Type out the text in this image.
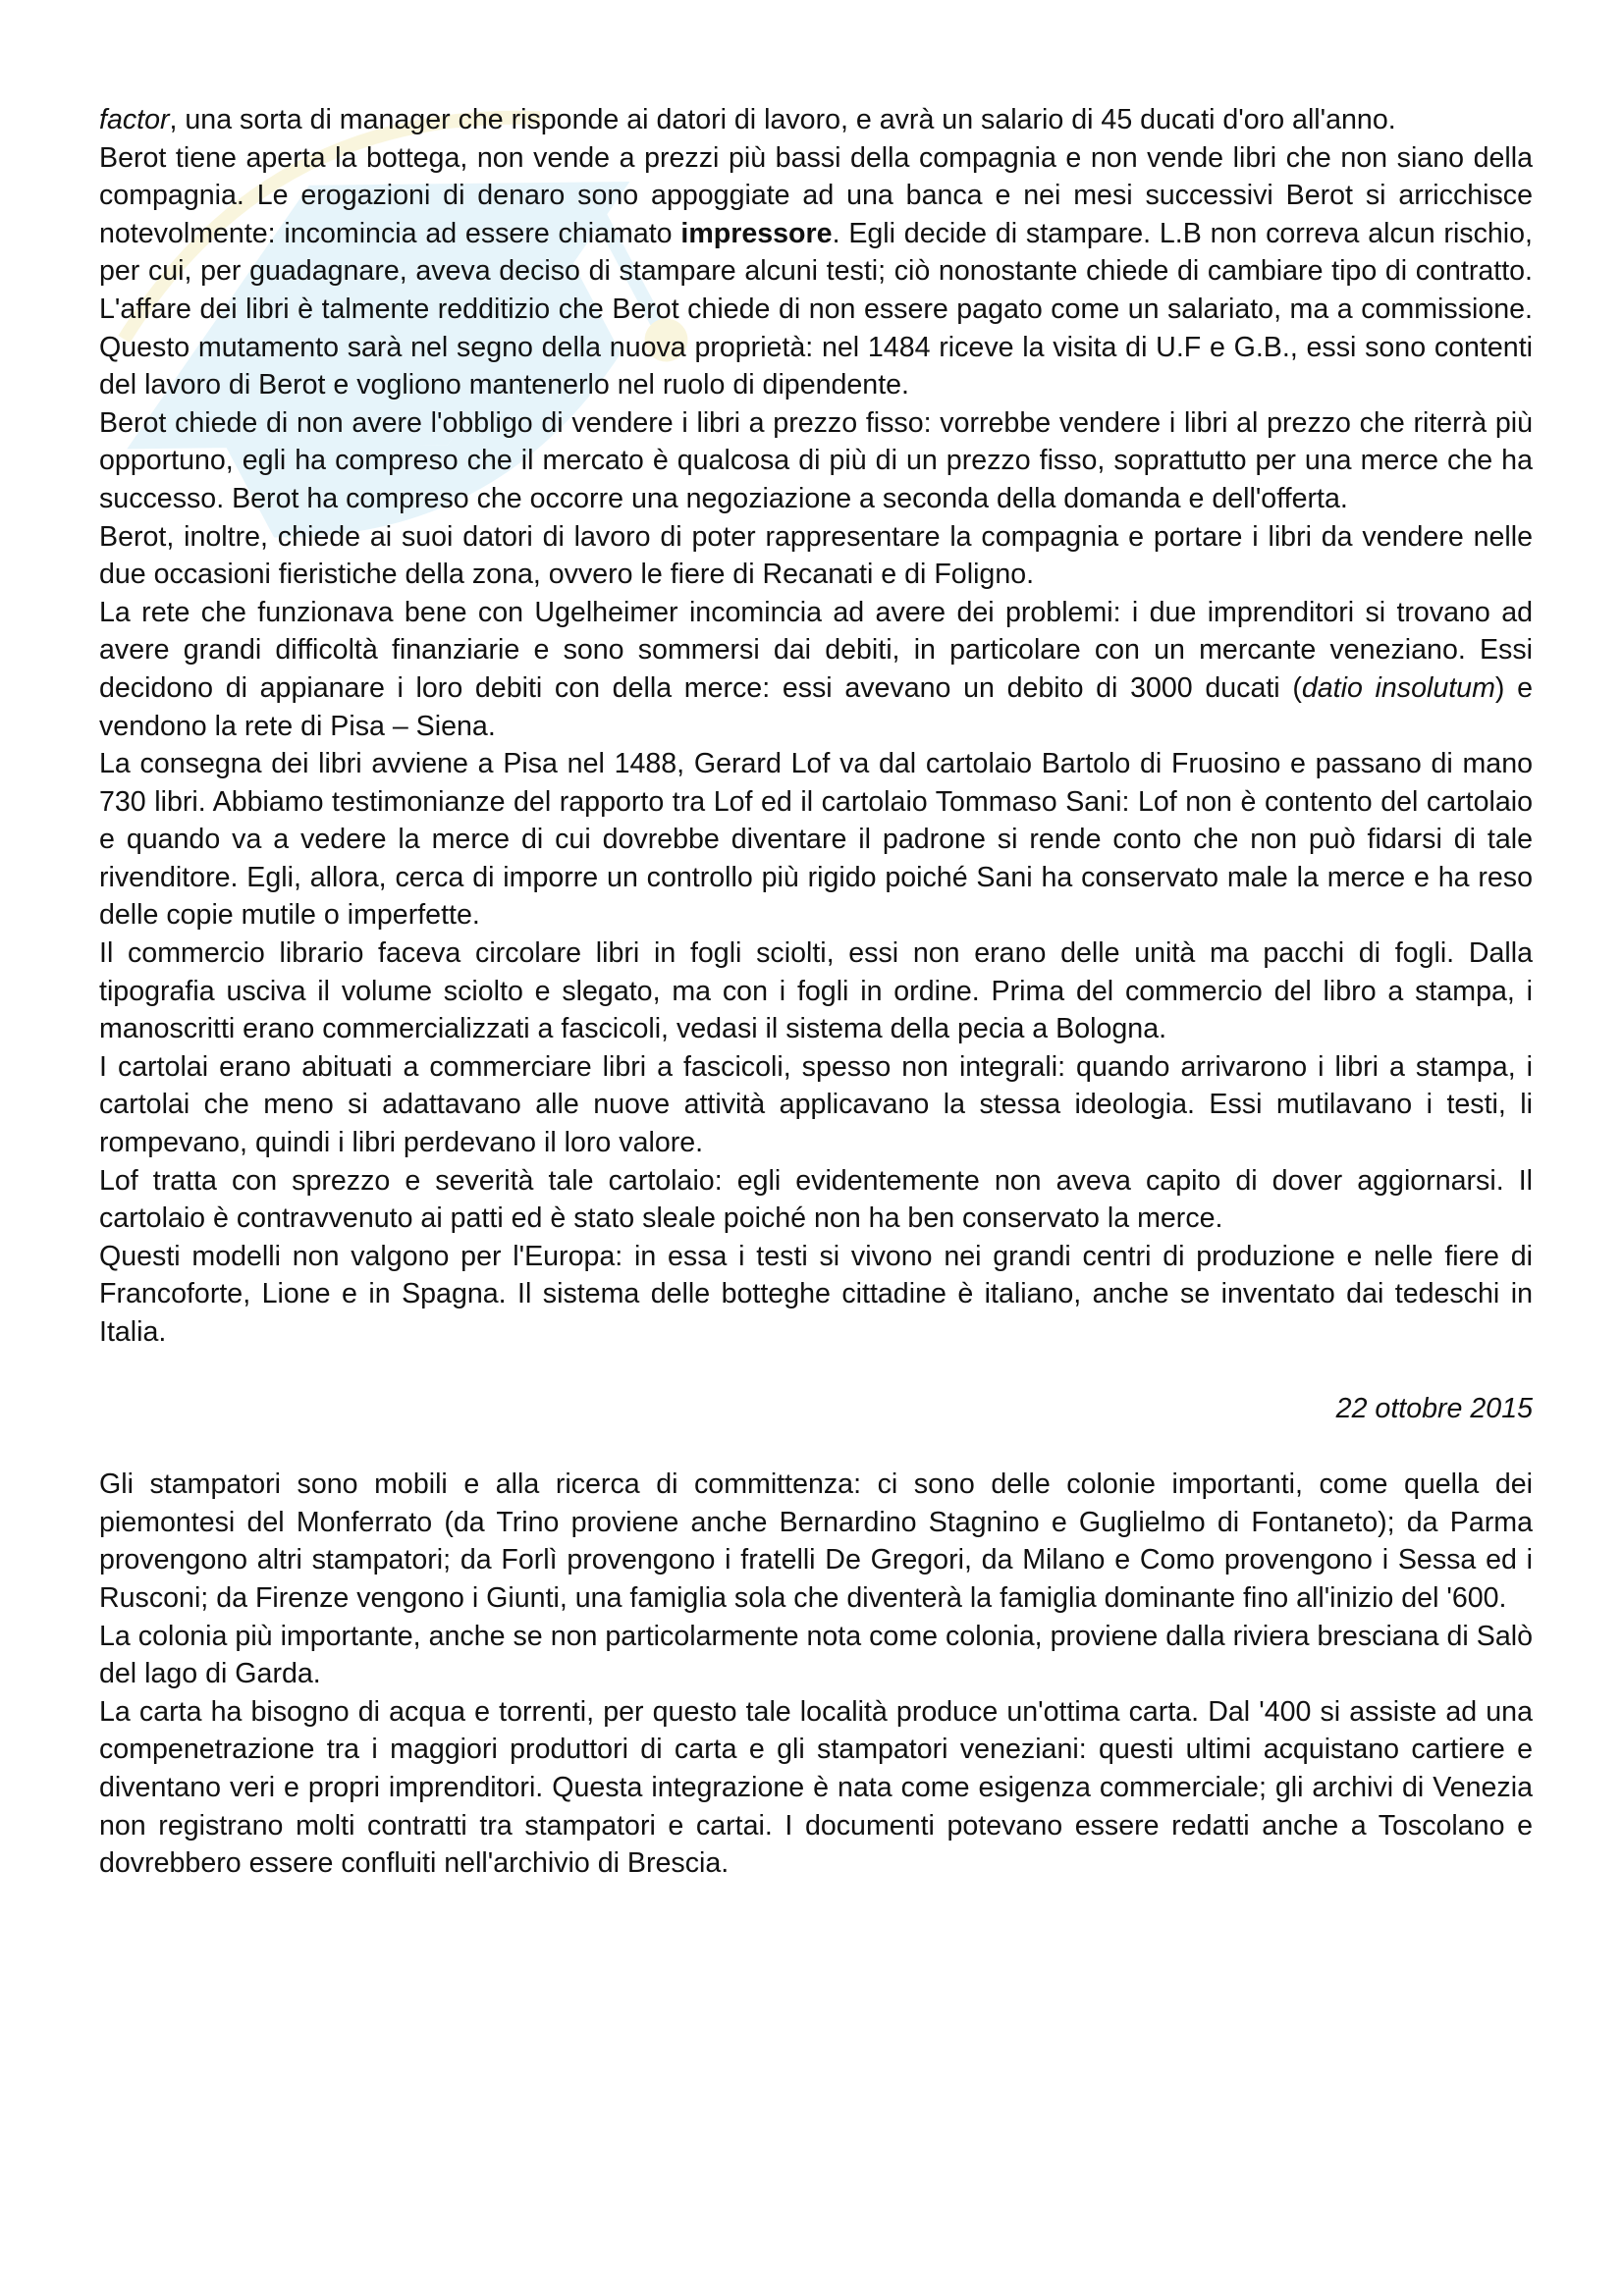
factor, una sorta di manager che risponde ai datori di lavoro, e avrà un salario di 45 ducati d'oro all'anno.

Berot tiene aperta la bottega, non vende a prezzi più bassi della compagnia e non vende libri che non siano della compagnia. Le erogazioni di denaro sono appoggiate ad una banca e nei mesi successivi Berot si arricchisce notevolmente: incomincia ad essere chiamato impressore. Egli decide di stampare. L.B non correva alcun rischio, per cui, per guadagnare, aveva deciso di stampare alcuni testi; ciò nonostante chiede di cambiare tipo di contratto. L'affare dei libri è talmente redditizio che Berot chiede di non essere pagato come un salariato, ma a commissione. Questo mutamento sarà nel segno della nuova proprietà: nel 1484 riceve la visita di U.F e G.B., essi sono contenti del lavoro di Berot e vogliono mantenerlo nel ruolo di dipendente.

Berot chiede di non avere l'obbligo di vendere i libri a prezzo fisso: vorrebbe vendere i libri al prezzo che riterrà più opportuno, egli ha compreso che il mercato è qualcosa di più di un prezzo fisso, soprattutto per una merce che ha successo. Berot ha compreso che occorre una negoziazione a seconda della domanda e dell'offerta.

Berot, inoltre, chiede ai suoi datori di lavoro di poter rappresentare la compagnia e portare i libri da vendere nelle due occasioni fieristiche della zona, ovvero le fiere di Recanati e di Foligno.

La rete che funzionava bene con Ugelheimer incomincia ad avere dei problemi: i due imprenditori si trovano ad avere grandi difficoltà finanziarie e sono sommersi dai debiti, in particolare con un mercante veneziano. Essi decidono di appianare i loro debiti con della merce: essi avevano un debito di 3000 ducati (datio insolutum) e vendono la rete di Pisa – Siena.

La consegna dei libri avviene a Pisa nel 1488, Gerard Lof va dal cartolaio Bartolo di Fruosino e passano di mano 730 libri. Abbiamo testimonianze del rapporto tra Lof ed il cartolaio Tommaso Sani: Lof non è contento del cartolaio e quando va a vedere la merce di cui dovrebbe diventare il padrone si rende conto che non può fidarsi di tale rivenditore. Egli, allora, cerca di imporre un controllo più rigido poiché Sani ha conservato male la merce e ha reso delle copie mutile o imperfette.

Il commercio librario faceva circolare libri in fogli sciolti, essi non erano delle unità ma pacchi di fogli. Dalla tipografia usciva il volume sciolto e slegato, ma con i fogli in ordine. Prima del commercio del libro a stampa, i manoscritti erano commercializzati a fascicoli, vedasi il sistema della pecia a Bologna.

I cartolai erano abituati a commerciare libri a fascicoli, spesso non integrali: quando arrivarono i libri a stampa, i cartolai che meno si adattavano alle nuove attività applicavano la stessa ideologia. Essi mutilavano i testi, li rompevano, quindi i libri perdevano il loro valore.

Lof tratta con sprezzo e severità tale cartolaio: egli evidentemente non aveva capito di dover aggiornarsi. Il cartolaio è contravvenuto ai patti ed è stato sleale poiché non ha ben conservato la merce.

Questi modelli non valgono per l'Europa: in essa i testi si vivono nei grandi centri di produzione e nelle fiere di Francoforte, Lione e in Spagna. Il sistema delle botteghe cittadine è italiano, anche se inventato dai tedeschi in Italia.

22 ottobre 2015

Gli stampatori sono mobili e alla ricerca di committenza: ci sono delle colonie importanti, come quella dei piemontesi del Monferrato (da Trino proviene anche Bernardino Stagnino e Guglielmo di Fontaneto); da Parma provengono altri stampatori; da Forlì provengono i fratelli De Gregori, da Milano e Como provengono i Sessa ed i Rusconi; da Firenze vengono i Giunti, una famiglia sola che diventerà la famiglia dominante fino all'inizio del '600.

La colonia più importante, anche se non particolarmente nota come colonia, proviene dalla riviera bresciana di Salò del lago di Garda.

La carta ha bisogno di acqua e torrenti, per questo tale località produce un'ottima carta. Dal '400 si assiste ad una compenetrazione tra i maggiori produttori di carta e gli stampatori veneziani: questi ultimi acquistano cartiere e diventano veri e propri imprenditori. Questa integrazione è nata come esigenza commerciale; gli archivi di Venezia non registrano molti contratti tra stampatori e cartai. I documenti potevano essere redatti anche a Toscolano e dovrebbero essere confluiti nell'archivio di Brescia.
